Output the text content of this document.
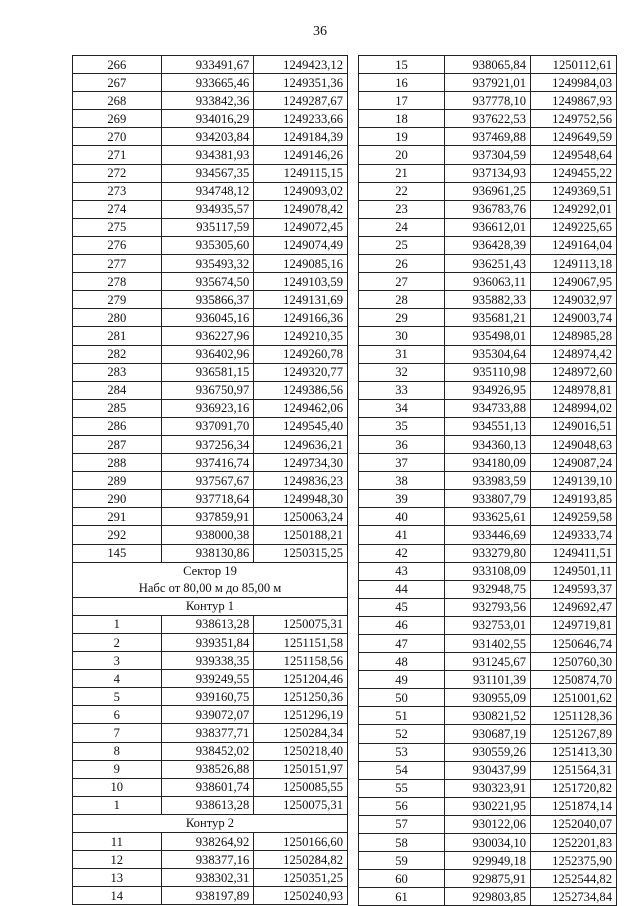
36
266	933491,67	1249423,12
267	933665,46	1249351,36
268	933842,36	1249287,67
269	934016,29	1249233,66
270	934203,84	1249184,39
271	934381,93	1249146,26
272	934567,35	1249115,15
273	934748,12	1249093,02
274	934935,57	1249078,42
275	935117,59	1249072,45
276	935305,60	1249074,49
277	935493,32	1249085,16
278	935674,50	1249103,59
279	935866,37	1249131,69
280	936045,16	1249166,36
281	936227,96	1249210,35
282	936402,96	1249260,78
283	936581,15	1249320,77
284	936750,97	1249386,56
285	936923,16	1249462,06
286	937091,70	1249545,40
287	937256,34	1249636,21
288	937416,74	1249734,30
289	937567,67	1249836,23
290	937718,64	1249948,30
291	937859,91	1250063,24
292	938000,38	1250188,21
145	938130,86	1250315,25
Сектор 19		
Набс от 80,00 м до 85,00 м		
Контур 1		
1	938613,28	1250075,31
2	939351,84	1251151,58
3	939338,35	1251158,56
4	939249,55	1251204,46
5	939160,75	1251250,36
6	939072,07	1251296,19
7	938377,71	1250284,34
8	938452,02	1250218,40
9	938526,88	1250151,97
10	938601,74	1250085,55
1	938613,28	1250075,31
Контур 2		
11	938264,92	1250166,60
12	938377,16	1250284,82
13	938302,31	1250351,25
14	938197,89	1250240,93
15	938065,84	1250112,61
16	937921,01	1249984,03
17	937778,10	1249867,93
18	937622,53	1249752,56
19	937469,88	1249649,59
20	937304,59	1249548,64
21	937134,93	1249455,22
22	936961,25	1249369,51
23	936783,76	1249292,01
24	936612,01	1249225,65
25	936428,39	1249164,04
26	936251,43	1249113,18
27	936063,11	1249067,95
28	935882,33	1249032,97
29	935681,21	1249003,74
30	935498,01	1248985,28
31	935304,64	1248974,42
32	935110,98	1248972,60
33	934926,95	1248978,81
34	934733,88	1248994,02
35	934551,13	1249016,51
36	934360,13	1249048,63
37	934180,09	1249087,24
38	933983,59	1249139,10
39	933807,79	1249193,85
40	933625,61	1249259,58
41	933446,69	1249333,74
42	933279,80	1249411,51
43	933108,09	1249501,11
44	932948,75	1249593,37
45	932793,56	1249692,47
46	932753,01	1249719,81
47	931402,55	1250646,74
48	931245,67	1250760,30
49	931101,39	1250874,70
50	930955,09	1251001,62
51	930821,52	1251128,36
52	930687,19	1251267,89
53	930559,26	1251413,30
54	930437,99	1251564,31
55	930323,91	1251720,82
56	930221,95	1251874,14
57	930122,06	1252040,07
58	930034,10	1252201,83
59	929949,18	1252375,90
60	929875,91	1252544,82
61	929803,85	1252734,84
